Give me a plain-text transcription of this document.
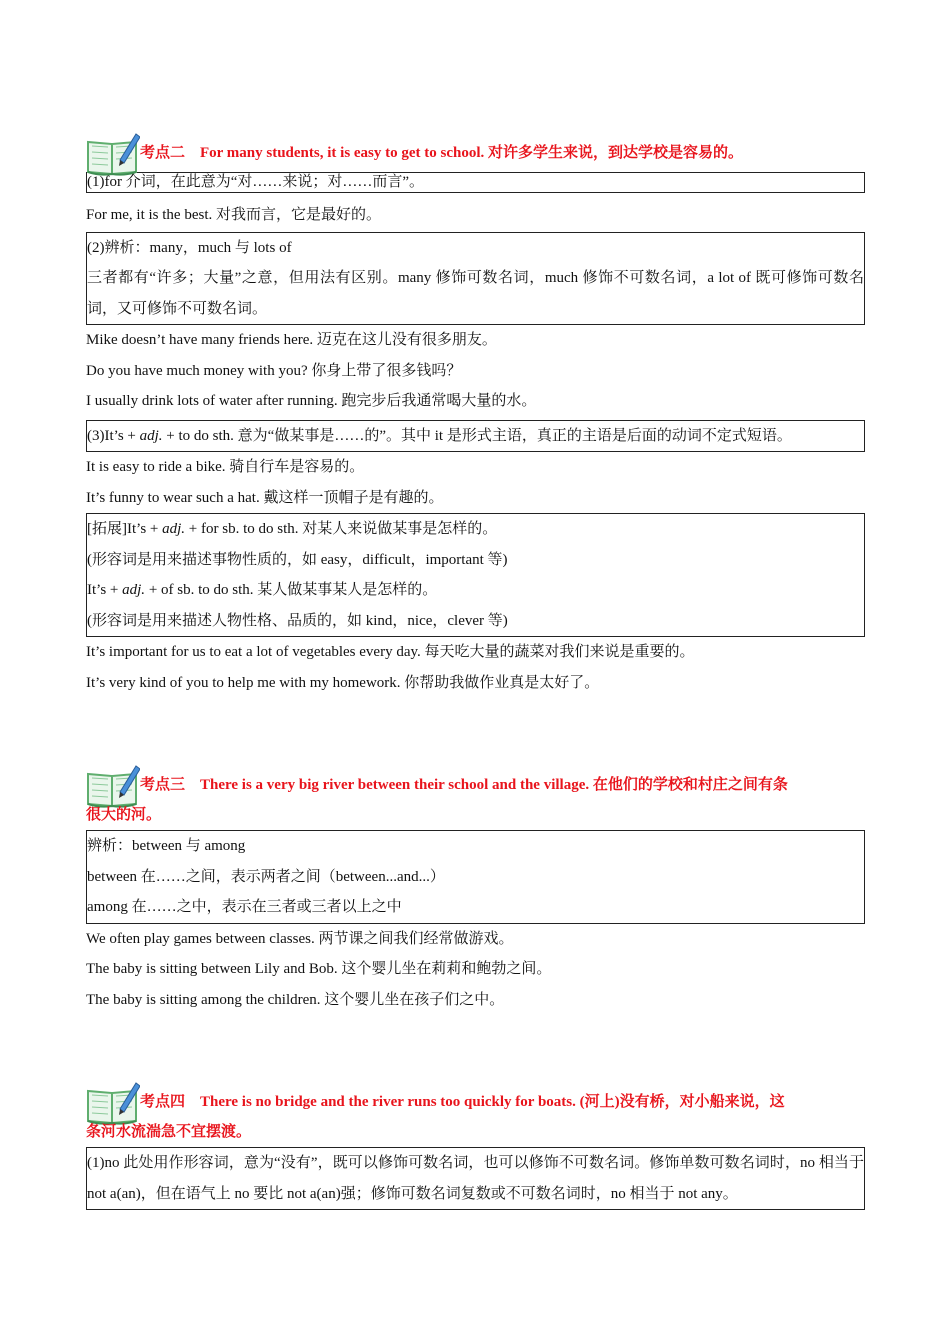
考点二　For many students, it is easy to get to school. 对许多学生来说，到达学校是容易的。
(1)for 介词，在此意为“对……来说；对……而言”。
For me, it is the best. 对我而言，它是最好的。
(2)辨析：many，much 与 lots of
三者都有“许多；大量”之意，但用法有区别。many 修饰可数名词，much 修饰不可数名词，a lot of 既可修饰可数名词，又可修饰不可数名词。
Mike doesn’t have many friends here. 迈克在这儿没有很多朋友。
Do you have much money with you? 你身上带了很多钱吗？
I usually drink lots of water after running. 跑完步后我通常喝大量的水。
(3)It’s + adj. + to do sth. 意为“做某事是……的”。其中 it 是形式主语，真正的主语是后面的动词不定式短语。
It is easy to ride a bike. 骑自行车是容易的。
It’s funny to wear such a hat. 戴这样一顶帽子是有趣的。
[拓展]It’s + adj. + for sb. to do sth. 对某人来说做某事是怎样的。
(形容词是用来描述事物性质的，如 easy，difficult，important 等)
It’s + adj. + of sb. to do sth. 某人做某事某人是怎样的。
(形容词是用来描述人物性格、品质的，如 kind，nice，clever 等)
It’s important for us to eat a lot of vegetables every day. 每天吃大量的蔬菜对我们来说是重要的。
It’s very kind of you to help me with my homework. 你帮助我做作业真是太好了。
考点三　There is a very big river between their school and the village. 在他们的学校和村庄之间有条
很大的河。
辨析：between 与 among
between 在……之间，表示两者之间（between...and...）
among 在……之中，表示在三者或三者以上之中
We often play games between classes. 两节课之间我们经常做游戏。
The baby is sitting between Lily and Bob. 这个婴儿坐在莉莉和鲍勃之间。
The baby is sitting among the children. 这个婴儿坐在孩子们之中。
考点四　There is no bridge and the river runs too quickly for boats. (河上)没有桥，对小船来说，这
条河水流湍急不宜摆渡。
(1)no 此处用作形容词，意为“没有”，既可以修饰可数名词，也可以修饰不可数名词。修饰单数可数名词时，no 相当于 not a(an)，但在语气上 no 要比 not a(an)强；修饰可数名词复数或不可数名词时，no 相当于 not any。
